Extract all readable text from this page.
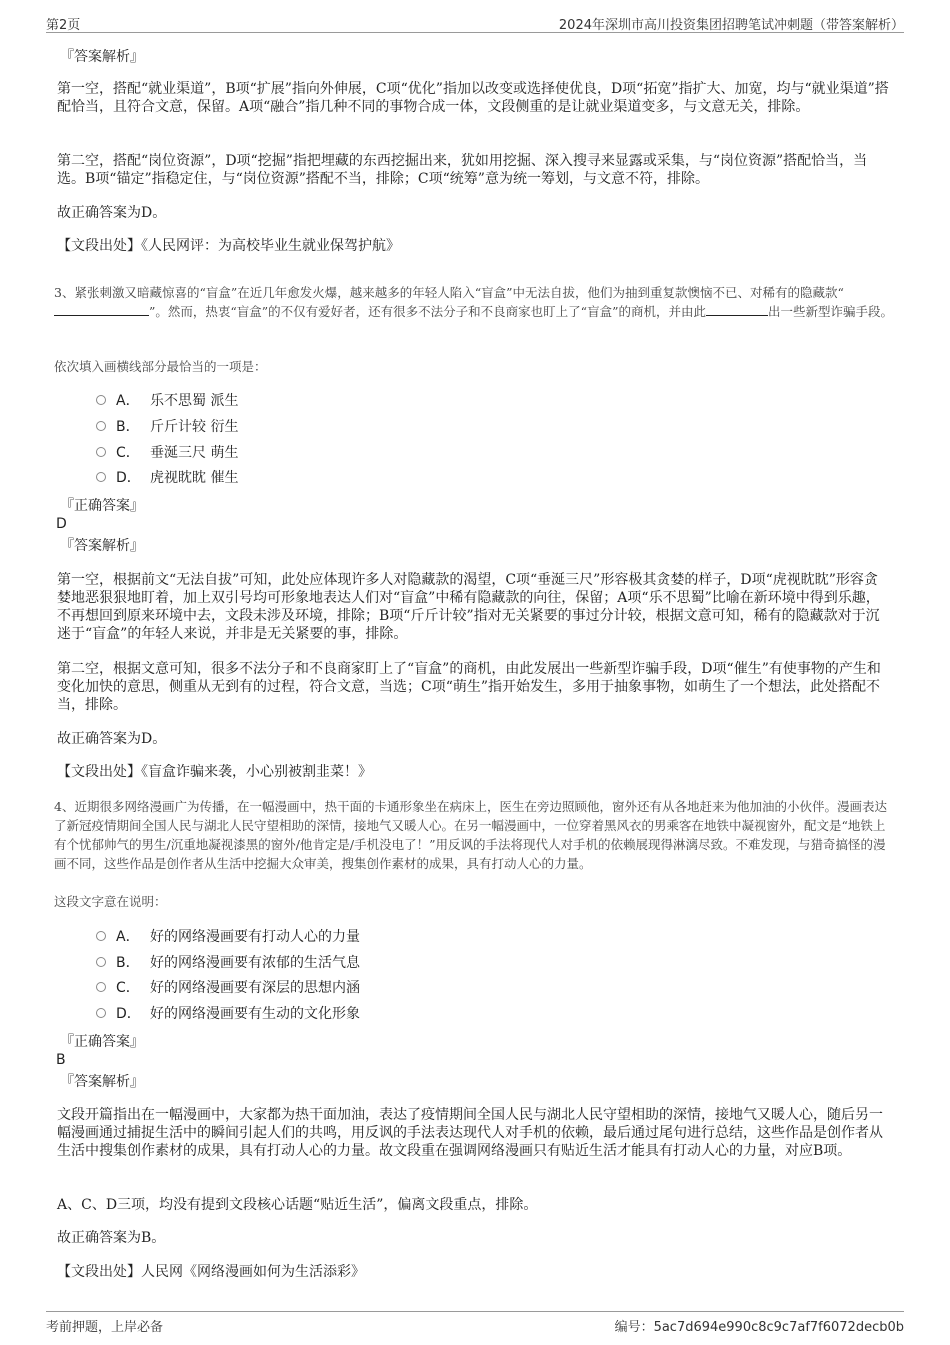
第2页	2024年深圳市高川投资集团招聘笔试冲刺题（带答案解析）
『答案解析』
第一空，搭配“就业渠道”，B项“扩展”指向外伸展，C项“优化”指加以改变或选择使优良，D项“拓宽”指扩大、加宽，均与“就业渠道”搭配恰当，且符合文意，保留。A项“融合”指几种不同的事物合成一体，文段侧重的是让就业渠道变多，与文意无关，排除。
第二空，搭配“岗位资源”，D项“挖掘”指把埋藏的东西挖掘出来，犹如用挖掘、深入搜寻来显露或采集，与“岗位资源”搭配恰当，当选。B项“锚定”指稳定住，与“岗位资源”搭配不当，排除；C项“统筹”意为统一筹划，与文意不符，排除。
故正确答案为D。
【文段出处】《人民网评：为高校毕业生就业保驾护航》
3、紧张刺激又暗藏惊喜的“盲盒”在近几年愈发火爆，越来越多的年轻人陷入“盲盒”中无法自拔，他们为抽到重复款懊恼不已、对稀有的隐藏款“”。然而，热衷“盲盒”的不仅有爱好者，还有很多不法分子和不良商家也盯上了“盲盒”的商机，并由此	出一些新型诈骗手段。
依次填入画横线部分最恰当的一项是：
A． 乐不思蜀 派生
B． 斤斤计较 衍生
C． 垂涎三尺 萌生
D． 虎视眈眈 催生
『正确答案』
D
『答案解析』
第一空，根据前文“无法自拔”可知，此处应体现许多人对隐藏款的渴望，C项“垂涎三尺”形容极其贪婪的样子，D项“虎视眈眈”形容贪婪地恶狠狠地盯着，加上双引号均可形象地表达人们对“盲盒”中稀有隐藏款的向往，保留；A项“乐不思蜀”比喻在新环境中得到乐趣，不再想回到原来环境中去，文段未涉及环境，排除；B项“斤斤计较”指对无关紧要的事过分计较，根据文意可知，稀有的隐藏款对于沉迷于“盲盒”的年轻人来说，并非是无关紧要的事，排除。
第二空，根据文意可知，很多不法分子和不良商家盯上了“盲盒”的商机，由此发展出一些新型诈骗手段，D项“催生”有使事物的产生和变化加快的意思，侧重从无到有的过程，符合文意，当选；C项“萌生”指开始发生，多用于抽象事物，如萌生了一个想法，此处搭配不当，排除。
故正确答案为D。
【文段出处】《盲盒诈骗来袭，小心别被割韭菜！》
4、近期很多网络漫画广为传播，在一幅漫画中，热干面的卡通形象坐在病床上，医生在旁边照顾他，窗外还有从各地赶来为他加油的小伙伴。漫画表达了新冠疫情期间全国人民与湖北人民守望相助的深情，接地气又暖人心。在另一幅漫画中，一位穿着黑风衣的男乘客在地铁中凝视窗外，配文是“地铁上有个忧郁帅气的男生/沉重地凝视漆黑的窗外/他肯定是/手机没电了！”用反讽的手法将现代人对手机的依赖展现得淋漓尽致。不难发现，与猎奇搞怪的漫画不同，这些作品是创作者从生活中挖掘大众审美，搜集创作素材的成果，具有打动人心的力量。
这段文字意在说明：
A． 好的网络漫画要有打动人心的力量
B． 好的网络漫画要有浓郁的生活气息
C． 好的网络漫画要有深层的思想内涵
D． 好的网络漫画要有生动的文化形象
『正确答案』
B
『答案解析』
文段开篇指出在一幅漫画中，大家都为热干面加油，表达了疫情期间全国人民与湖北人民守望相助的深情，接地气又暖人心，随后另一幅漫画通过捕捉生活中的瞬间引起人们的共鸣，用反讽的手法表达现代人对手机的依赖，最后通过尾句进行总结，这些作品是创作者从生活中搜集创作素材的成果，具有打动人心的力量。故文段重在强调网络漫画只有贴近生活才能具有打动人心的力量，对应B项。
A、C、D三项，均没有提到文段核心话题“贴近生活”，偏离文段重点，排除。
故正确答案为B。
【文段出处】人民网《网络漫画如何为生活添彩》
考前押题，上岸必备	编号：5ac7d694e990c8c9c7af7f6072decb0b
